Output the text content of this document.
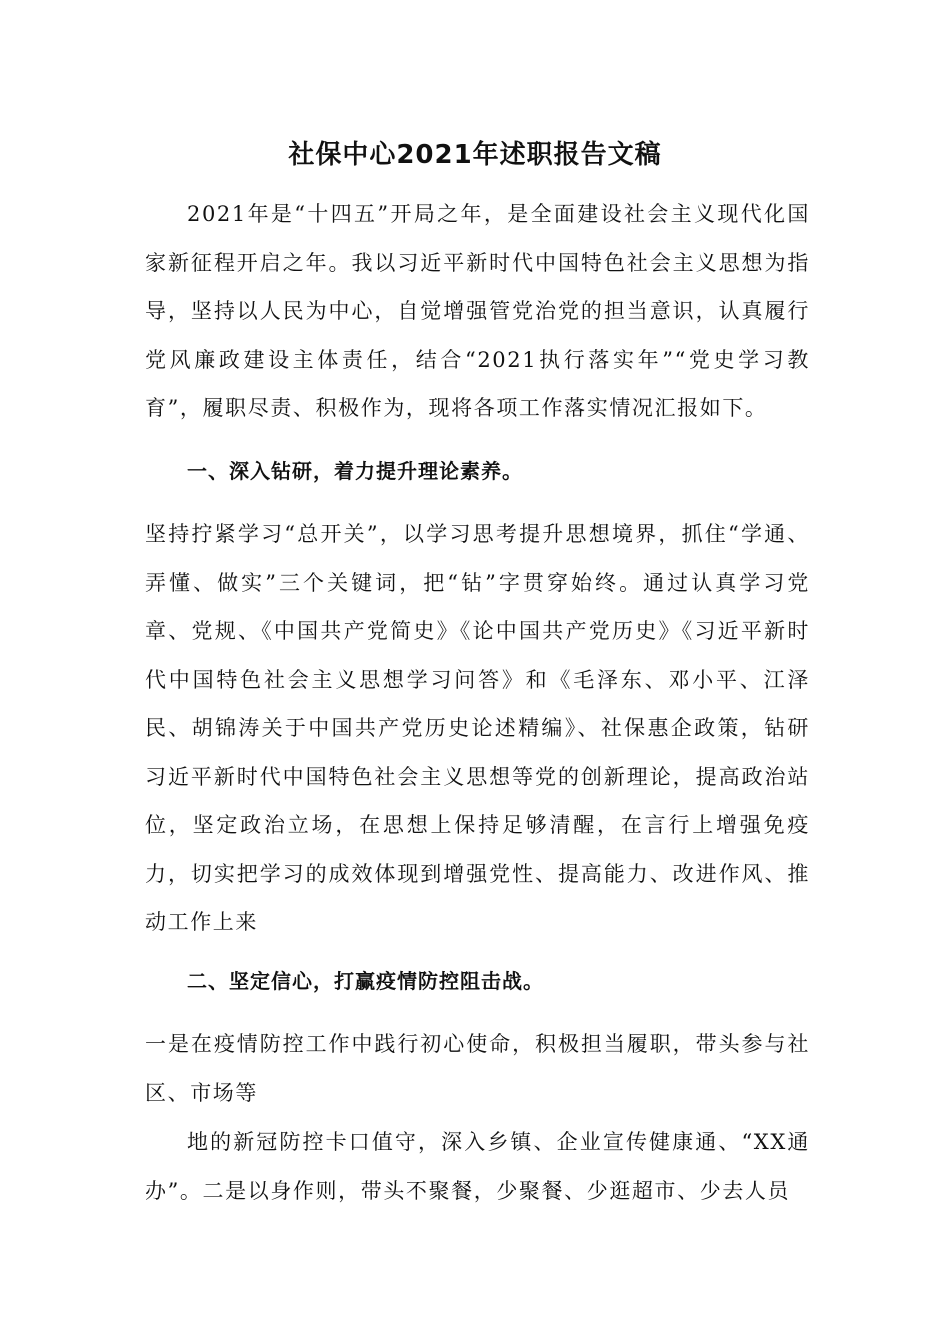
社保中心2021年述职报告文稿

2021年是“十四五”开局之年，是全面建设社会主义现代化国家新征程开启之年。我以习近平新时代中国特色社会主义思想为指导，坚持以人民为中心，自觉增强管党治党的担当意识，认真履行党风廉政建设主体责任，结合“2021执行落实年”“党史学习教育”，履职尽责、积极作为，现将各项工作落实情况汇报如下。

一、深入钻研，着力提升理论素养。

坚持拧紧学习“总开关”，以学习思考提升思想境界，抓住“学通、弄懂、做实”三个关键词，把“钻”字贯穿始终。通过认真学习党章、党规、《中国共产党简史》《论中国共产党历史》《习近平新时代中国特色社会主义思想学习问答》和《毛泽东、邓小平、江泽民、胡锦涛关于中国共产党历史论述精编》、社保惠企政策，钻研习近平新时代中国特色社会主义思想等党的创新理论，提高政治站位，坚定政治立场，在思想上保持足够清醒，在言行上增强免疫力，切实把学习的成效体现到增强党性、提高能力、改进作风、推动工作上来

二、坚定信心，打赢疫情防控阻击战。

一是在疫情防控工作中践行初心使命，积极担当履职，带头参与社区、市场等

地的新冠防控卡口值守，深入乡镇、企业宣传健康通、“XX通办”。二是以身作则，带头不聚餐，少聚餐、少逛超市、少去人员
